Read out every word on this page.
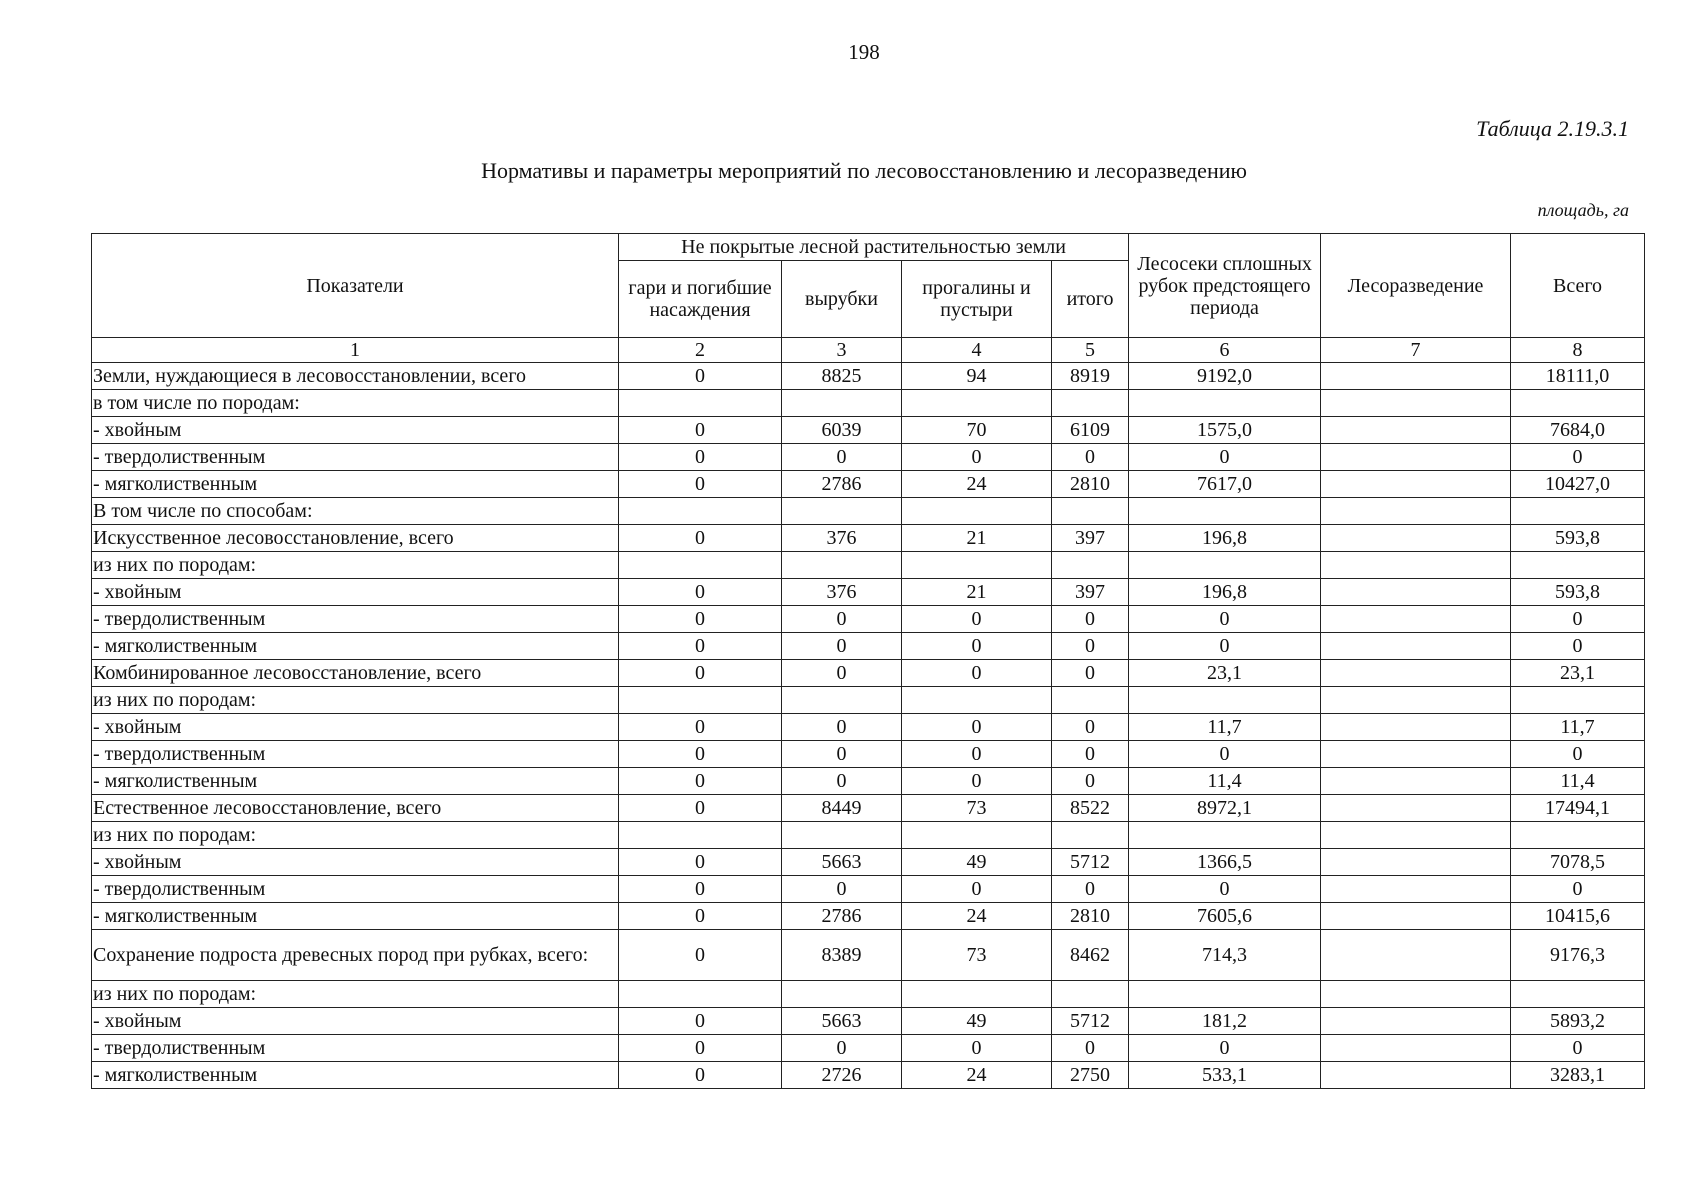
198
Таблица 2.19.3.1
Нормативы и параметры мероприятий по лесовосстановлению и лесоразведению
площадь, га
Показатели	Не покрытые лесной растительностью земли				Лесосеки сплошных рубок предстоящего периода	Лесоразведение	Всего
	гари и погибшие насаждения	вырубки	прогалины и пустыри	итого			
1	2	3	4	5	6	7	8
Земли, нуждающиеся в лесовосстановлении, всего	0	8825	94	8919	9192,0		18111,0
в том числе по породам:							
- хвойным	0	6039	70	6109	1575,0		7684,0
- твердолиственным	0	0	0	0	0		0
- мягколиственным	0	2786	24	2810	7617,0		10427,0
В том числе по способам:							
Искусственное лесовосстановление, всего	0	376	21	397	196,8		593,8
из них по породам:							
- хвойным	0	376	21	397	196,8		593,8
- твердолиственным	0	0	0	0	0		0
- мягколиственным	0	0	0	0	0		0
Комбинированное лесовосстановление, всего	0	0	0	0	23,1		23,1
из них по породам:							
- хвойным	0	0	0	0	11,7		11,7
- твердолиственным	0	0	0	0	0		0
- мягколиственным	0	0	0	0	11,4		11,4
Естественное лесовосстановление, всего	0	8449	73	8522	8972,1		17494,1
из них по породам:							
- хвойным	0	5663	49	5712	1366,5		7078,5
- твердолиственным	0	0	0	0	0		0
- мягколиственным	0	2786	24	2810	7605,6		10415,6
Сохранение подроста древесных пород при рубках, всего:	0	8389	73	8462	714,3		9176,3
из них по породам:							
- хвойным	0	5663	49	5712	181,2		5893,2
- твердолиственным	0	0	0	0	0		0
- мягколиственным	0	2726	24	2750	533,1		3283,1
